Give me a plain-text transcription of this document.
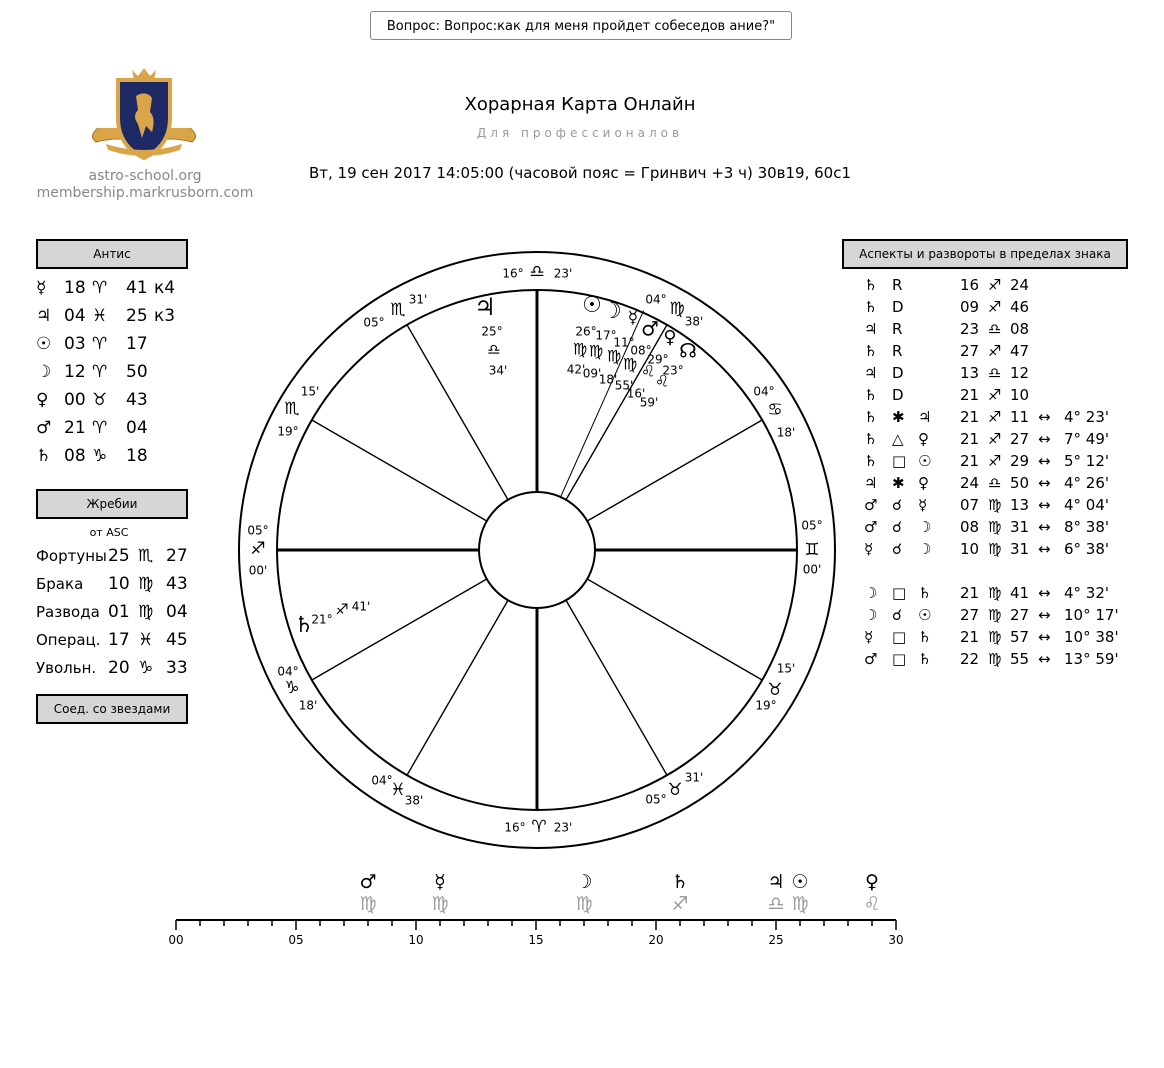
Вопрос: Вопрос:как для меня пройдет собеседов ание?"
astro-school.org
membership.markrusborn.com
Хорарная Карта Онлайн
Для профессионалов
Вт, 19 сен 2017 14:05:00 (часовой пояс = Гринвич +3 ч) 30в19, 60с1
Антис
☿ 18 ♈ 41 к4
♃ 04 ♓ 25 к3
☉ 03 ♈ 17
☽ 12 ♈ 50
♀ 00 ♉ 43
♂ 21 ♈ 04
♄ 08 ♑ 18
Жребии
от ASC
Фортуны 25 ♏ 27
Брака 10 ♍ 43
Развода 01 ♍ 04
Операц. 17 ♓ 45
Увольн. 20 ♑ 33
Соед. со звездами
Аспекты и развороты в пределах знака
♄ R	16 ♐ 24
♄ D	09 ♐ 46
♃ R	23 ♎ 08
♄ R	27 ♐ 47
♃ D	13 ♎ 12
♄ D	21 ♐ 10
♄ ✱ ♃ 21 ♐ 11 ↔ 4° 23'
♄ △ ♀ 21 ♐ 27 ↔ 7° 49'
♄ □ ☉ 21 ♐ 29 ↔ 5° 12'
♃ ✱ ♀ 24 ♎ 50 ↔ 4° 26'
♂ ☌ ☿ 07 ♍ 13 ↔ 4° 04'
♂ ☌ ☽ 08 ♍ 31 ↔ 8° 38'
☿ ☌ ☽ 10 ♍ 31 ↔ 6° 38'
☽ □ ♄ 21 ♍ 41 ↔ 4° 32'
☽ ☌ ☉ 27 ♍ 27 ↔ 10° 17'
☿ □ ♄ 21 ♍ 57 ↔ 10° 38'
♂ □ ♄ 22 ♍ 55 ↔ 13° 59'
16° ♎ 23'
04° ♍
38'
04°
♋
18'
05°
♊
00'
15'
♉
19°
05° ♉
31'
16° ♈ 23'
04°
♓
38'
04°
♑
18'
05°
♐
00'
15'
♏
19°
05°
♏
31' ♃
25°
♎
34'
♄
21°
♐ 41'
☉ ☽ ☿ ♂ ♀
☊
26°
17°
11°
08°
29°
23°
♍ ♍ ♍ ♍ ♌
♌
42'
09'
18'
55'
16'
59'
00	05	10	15	20	25	30
♂
♍
☿
♍
☽
♍
♄
♐
♃
♎
☉
♍
♀
♌
